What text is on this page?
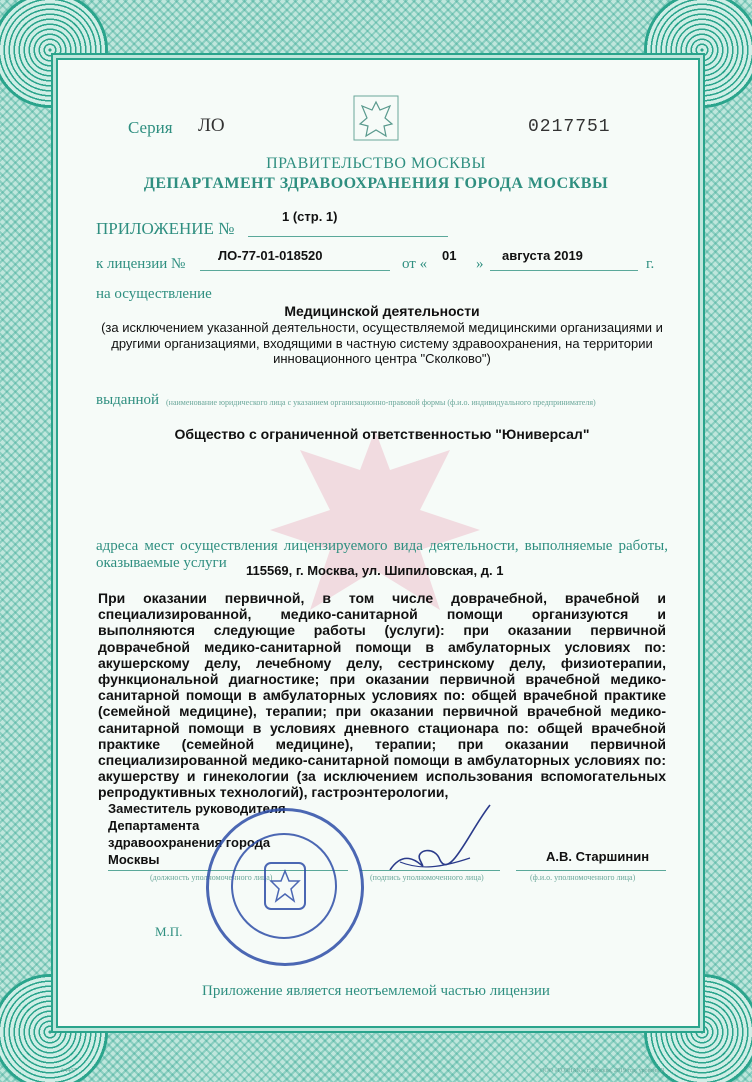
Серия ЛО	0217751
ПРАВИТЕЛЬСТВО МОСКВЫ
ДЕПАРТАМЕНТ ЗДРАВООХРАНЕНИЯ ГОРОДА МОСКВЫ
ПРИЛОЖЕНИЕ №
1 (стр. 1)
к лицензии №
ЛО-77-01-018520
от «
01
»
августа 2019
г.
на осуществление
Медицинской деятельности
(за исключением указанной деятельности, осуществляемой медицинскими организациями и другими организациями, входящими в частную систему здравоохранения, на территории инновационного центра "Сколково")
выданной (наименование юридического лица с указанием организационно-правовой формы (ф.и.о. индивидуального предпринимателя)
Общество с ограниченной ответственностью "Юниверсал"
адреса мест осуществления лицензируемого вида деятельности, выполняемые работы, оказываемые услуги	115569, г. Москва, ул. Шипиловская, д. 1
При оказании первичной, в том числе доврачебной, врачебной и специализированной, медико-санитарной помощи организуются и выполняются следующие работы (услуги): при оказании первичной доврачебной медико-санитарной помощи в амбулаторных условиях по: акушерскому делу, лечебному делу, сестринскому делу, физиотерапии, функциональной диагностике; при оказании первичной врачебной медико-санитарной помощи в амбулаторных условиях по: общей врачебной практике (семейной медицине), терапии; при оказании первичной врачебной медико-санитарной помощи в условиях дневного стационара по: общей врачебной практике (семейной медицине), терапии; при оказании первичной специализированной медико-санитарной помощи в амбулаторных условиях по: акушерству и гинекологии (за исключением использования вспомогательных репродуктивных технологий), гастроэнтерологии,
Заместитель руководителя
Департамента
здравоохранения города
Москвы
(должность уполномоченного лица)	(подпись уполномоченного лица)
А.В. Старшинин
(ф.и.о. уполномоченного лица)
М.П.
Приложение является неотъемлемой частью лицензии
А4407	ООО «ГОЗНАК», г. Москва, 2019 год, уровень В
